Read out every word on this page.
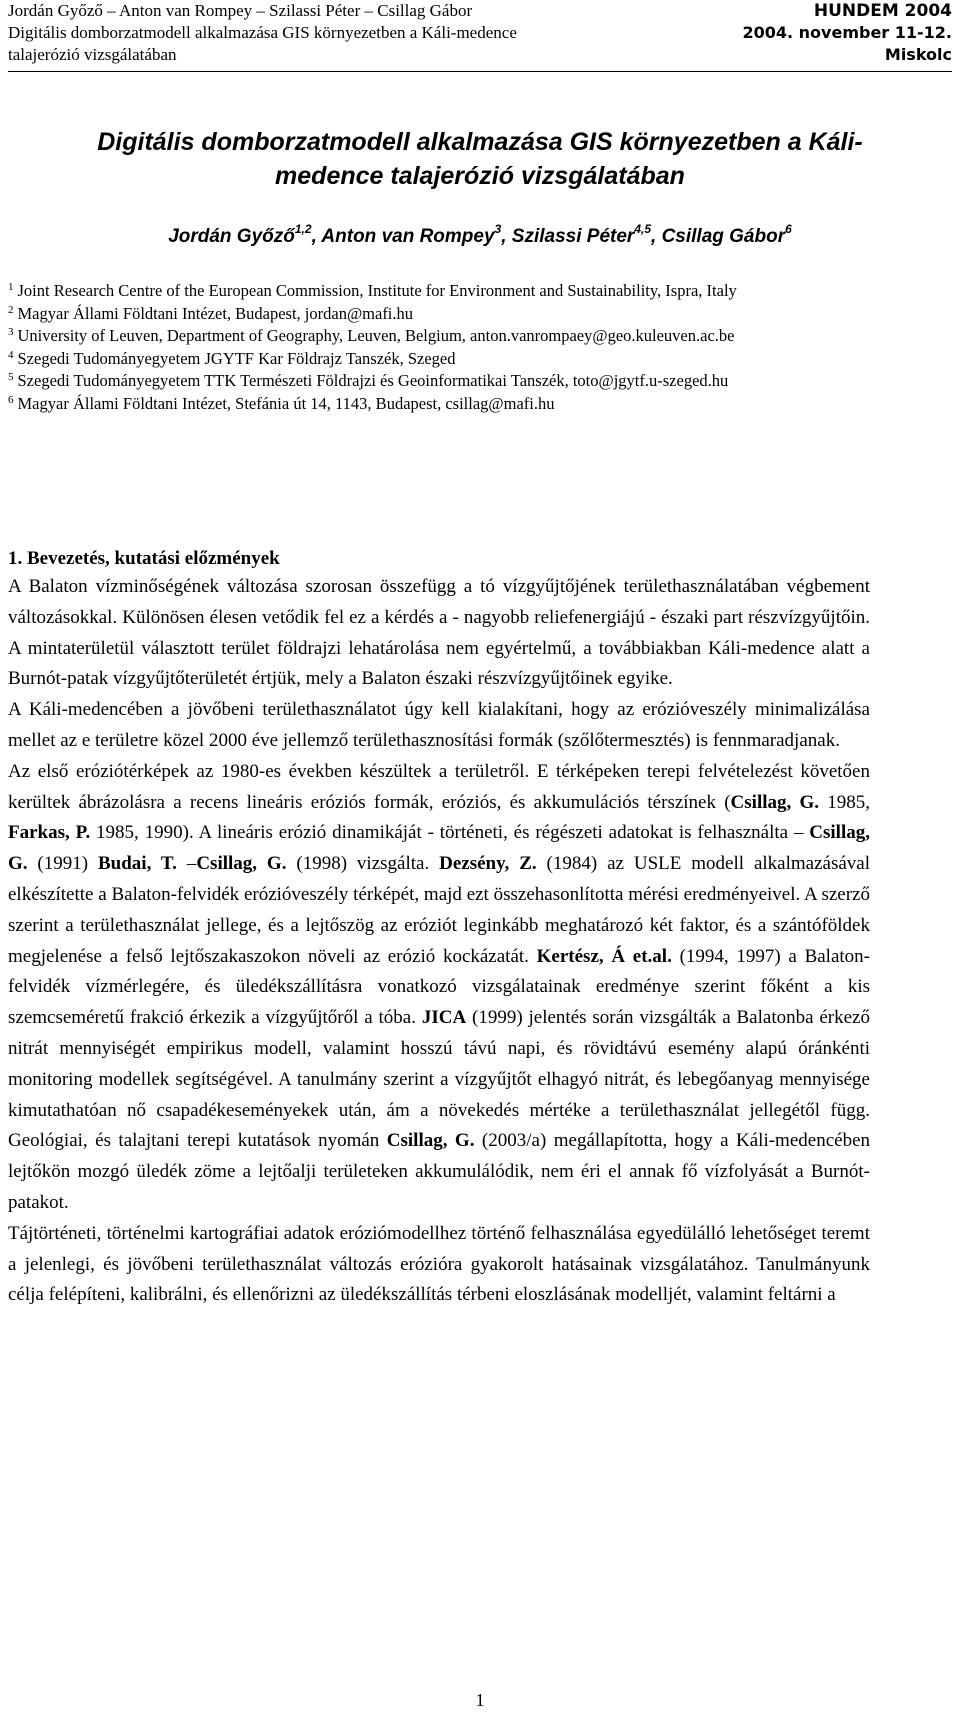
Jordán Győző – Anton van Rompey – Szilassi Péter – Csillag Gábor
Digitális domborzatmodell alkalmazása GIS környezetben a Káli-medence
talajerózió vizsgálatában
HUNDEM 2004
2004. november 11-12.
Miskolc
Digitális domborzatmodell alkalmazása GIS környezetben a Káli-
medence talajerózió vizsgálatában
Jordán Győző$^{1,2}$, Anton van Rompey$^3$, Szilassi Péter$^{4,5}$, Csillag Gábor$^6$

$^1$ Joint Research Centre of the European Commission, Institute for Environment and Sustainability, Ispra, Italy

$^2$ Magyar Állami Földtani Intézet, Budapest, jordan@mafi.hu

$^3$ University of Leuven, Department of Geography, Leuven, Belgium, anton.vanrompaey@geo.kuleuven.ac.be

$^4$ Szegedi Tudományegyetem JGYTF Kar Földrajz Tanszék, Szeged

$^5$ Szegedi Tudományegyetem TTK Természeti Földrajzi és Geoinformatikai Tanszék, toto@jgytf.u-szeged.hu

$^6$ Magyar Állami Földtani Intézet, Stefánia út 14, 1143, Budapest, csillag@mafi.hu

1. Bevezetés, kutatási előzmények

A Balaton vízminőségének változása szorosan összefügg a tó vízgyűjtőjének területhasználatában végbement változásokkal. Különösen élesen vetődik fel ez a kérdés a - nagyobb reliefenergiájú - északi part részvízgyűjtőin. A mintaterületül választott terület földrajzi lehatárolása nem egyértelmű, a továbbiakban Káli-medence alatt a Burnót-patak vízgyűjtőterületét értjük, mely a Balaton északi részvízgyűjtőinek egyike.

A Káli-medencében a jövőbeni területhasználatot úgy kell kialakítani, hogy az erózióveszély minimalizálása mellet az e területre közel 2000 éve jellemző területhasznosítási formák (szőlőtermesztés) is fennmaradjanak.

Az első eróziótérképek az 1980-es években készültek a területről. E térképeken terepi felvételezést követően kerültek ábrázolásra a recens lineáris eróziós formák, eróziós, és akkumulációs térszínek (Csillag, G. 1985, Farkas, P. 1985, 1990). A lineáris erózió dinamikáját - történeti, és régészeti adatokat is felhasználta – Csillag, G. (1991) Budai, T. –Csillag, G. (1998) vizsgálta. Dezsény, Z. (1984) az USLE modell alkalmazásával elkészítette a Balaton-felvidék erózióveszély térképét, majd ezt összehasonlította mérési eredményeivel. A szerző szerint a területhasználat jellege, és a lejtőszög az eróziót leginkább meghatározó két faktor, és a szántóföldek megjelenése a felső lejtőszakaszokon növeli az erózió kockázatát. Kertész, Á et.al. (1994, 1997) a Balaton-felvidék vízmérlegére, és üledékszállításra vonatkozó vizsgálatainak eredménye szerint főként a kis szemcseméretű frakció érkezik a vízgyűjtőről a tóba. JICA (1999) jelentés során vizsgálták a Balatonba érkező nitrát mennyiségét empirikus modell, valamint hosszú távú napi, és rövidtávú esemény alapú óránkénti monitoring modellek segítségével. A tanulmány szerint a vízgyűjtőt elhagyó nitrát, és lebegőanyag mennyisége kimutathatóan nő csapadékeseményekek után, ám a növekedés mértéke a területhasználat jellegétől függ. Geológiai, és talajtani terepi kutatások nyomán Csillag, G. (2003/a) megállapította, hogy a Káli-medencében lejtőkön mozgó üledék zöme a lejtőalji területeken akkumulálódik, nem éri el annak fő vízfolyását a Burnót-patakot.

Tájtörténeti, történelmi kartográfiai adatok eróziómodellhez történő felhasználása egyedülálló lehetőséget teremt a jelenlegi, és jövőbeni területhasználat változás erózióra gyakorolt hatásainak vizsgálatához. Tanulmányunk célja felépíteni, kalibrálni, és ellenőrizni az üledékszállítás térbeni eloszlásának modelljét, valamint feltárni a

1
